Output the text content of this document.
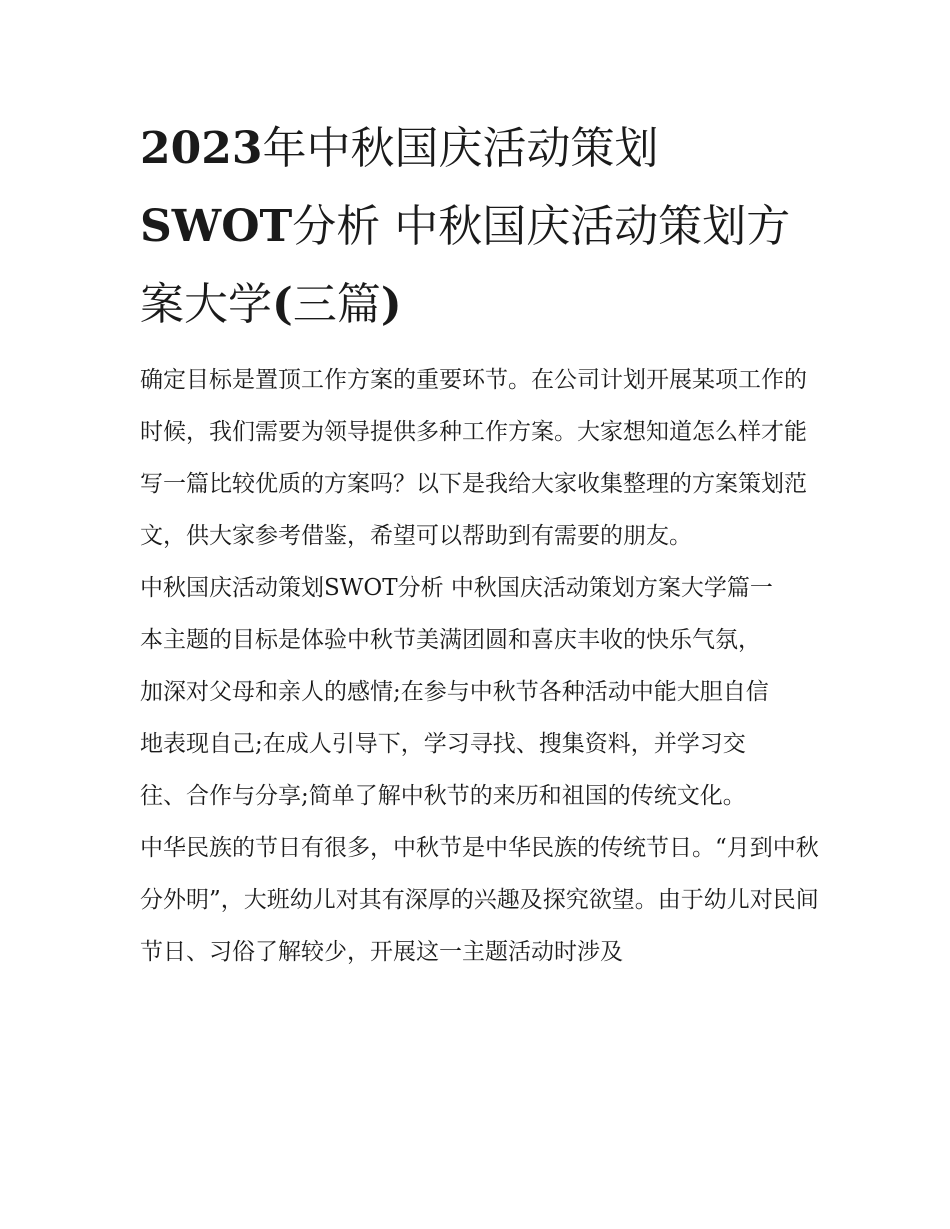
2023年中秋国庆活动策划
SWOT分析 中秋国庆活动策划方案大学(三篇)

确定目标是置顶工作方案的重要环节。在公司计划开展某项工作的时候，我们需要为领导提供多种工作方案。大家想知道怎么样才能写一篇比较优质的方案吗？以下是我给大家收集整理的方案策划范文，供大家参考借鉴，希望可以帮助到有需要的朋友。

中秋国庆活动策划SWOT分析 中秋国庆活动策划方案大学篇一

本主题的目标是体验中秋节美满团圆和喜庆丰收的快乐气氛，加深对父母和亲人的感情;在参与中秋节各种活动中能大胆自信地表现自己;在成人引导下，学习寻找、搜集资料，并学习交往、合作与分享;简单了解中秋节的来历和祖国的传统文化。

中华民族的节日有很多，中秋节是中华民族的传统节日。“月到中秋分外明”，大班幼儿对其有深厚的兴趣及探究欲望。由于幼儿对民间节日、习俗了解较少，开展这一主题活动时涉及
